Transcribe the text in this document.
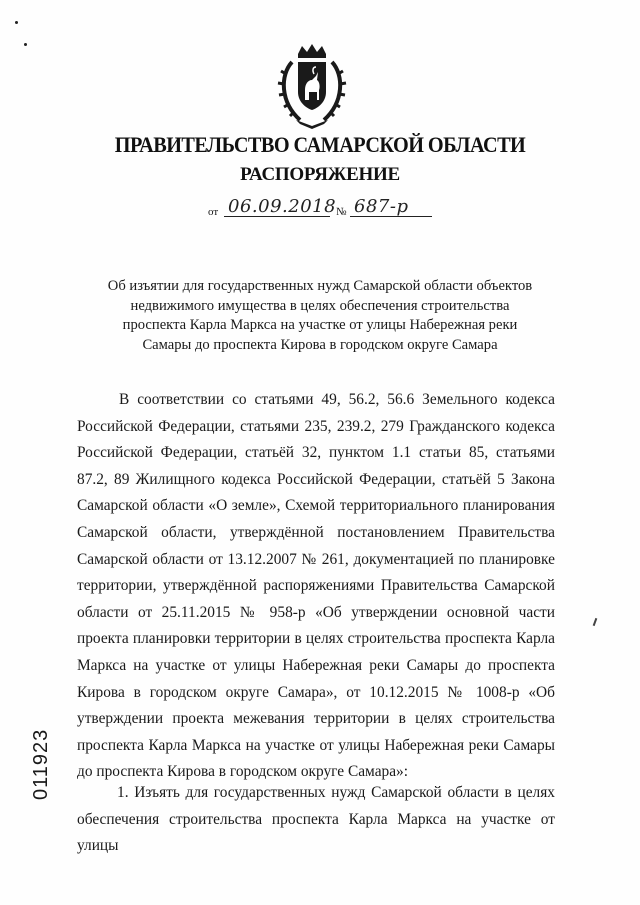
ПРАВИТЕЛЬСТВО САМАРСКОЙ ОБЛАСТИ
РАСПОРЯЖЕНИЕ
от 06.09.2018 № 687-р
Об изъятии для государственных нужд Самарской области объектов недвижимого имущества в целях обеспечения строительства проспекта Карла Маркса на участке от улицы Набережная реки Самары до проспекта Кирова в городском округе Самара

В соответствии со статьями 49, 56.2, 56.6 Земельного кодекса Российской Федерации, статьями 235, 239.2, 279 Гражданского кодекса Российской Федерации, статьёй 32, пунктом 1.1 статьи 85, статьями 87.2, 89 Жилищного кодекса Российской Федерации, статьёй 5 Закона Самарской области «О земле», Схемой территориального планирования Самарской области, утверждённой постановлением Правительства Самарской области от 13.12.2007 № 261, документацией по планировке территории, утверждённой распоряжениями Правительства Самарской области от 25.11.2015 № 958-р «Об утверждении основной части проекта планировки территории в целях строительства проспекта Карла Маркса на участке от улицы Набережная реки Самары до проспекта Кирова в городском округе Самара», от 10.12.2015 № 1008-р «Об утверждении проекта межевания территории в целях строительства проспекта Карла Маркса на участке от улицы Набережная реки Самары до проспекта Кирова в городском округе Самара»:

1. Изъять для государственных нужд Самарской области в целях обеспечения строительства проспекта Карла Маркса на участке от улицы

011923
